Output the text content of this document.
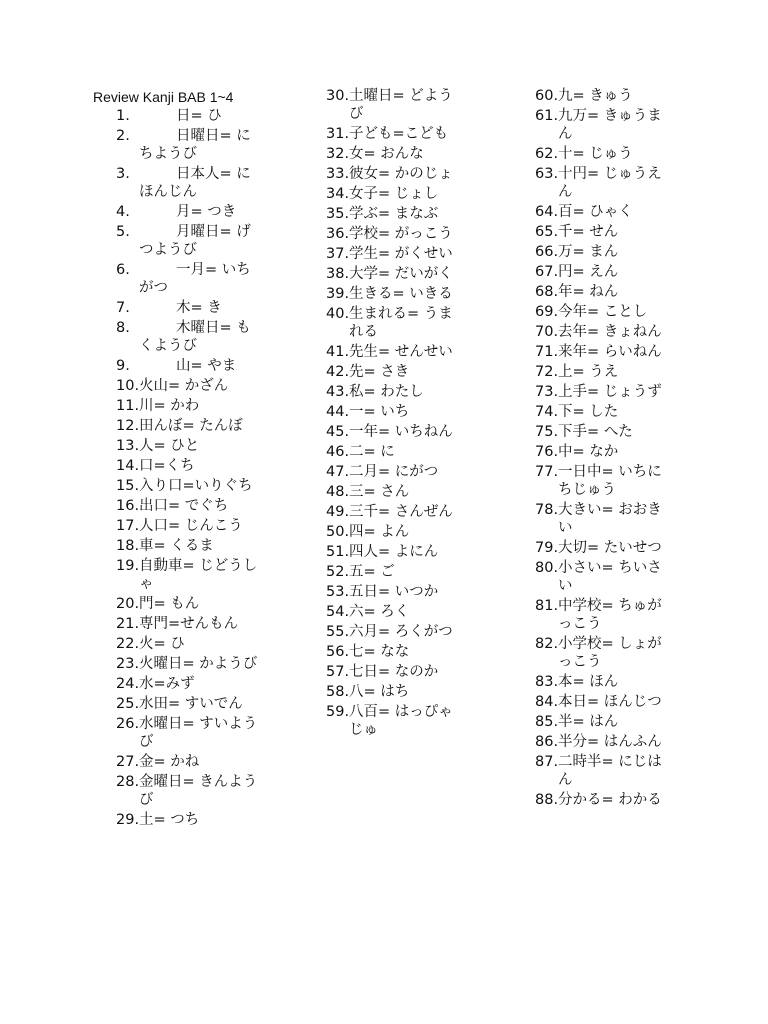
Review Kanji BAB 1~4
1.	日= ひ
2.	日曜日= にちようび
3.	日本人= にほんじん
4.	月= つき
5.	月曜日= げつようび
6.	一月= いちがつ
7.	木= き
8.	木曜日= もくようび
9.	山= やま
10. 火山= かざん
11. 川= かわ
12. 田んぼ= たんぼ
13. 人= ひと
14. 口=くち
15. 入り口=いりぐち
16. 出口= でぐち
17. 人口= じんこう
18. 車= くるま
19. 自動車= じどうしゃ
20. 門= もん
21. 専門=せんもん
22. 火= ひ
23. 火曜日= かようび
24. 水=みず
25. 水田= すいでん
26. 水曜日= すいようび
27. 金= かね
28. 金曜日= きんようび
29. 土= つち
30. 土曜日= どようび
31. 子ども=こども
32. 女= おんな
33. 彼女= かのじょ
34. 女子= じょし
35. 学ぶ= まなぶ
36. 学校= がっこう
37. 学生= がくせい
38. 大学= だいがく
39. 生きる= いきる
40. 生まれる= うまれる
41. 先生= せんせい
42. 先= さき
43. 私= わたし
44. 一= いち
45. 一年= いちねん
46. 二= に
47. 二月= にがつ
48. 三= さん
49. 三千= さんぜん
50. 四= よん
51. 四人= よにん
52. 五= ご
53. 五日= いつか
54. 六= ろく
55. 六月= ろくがつ
56. 七= なな
57. 七日= なのか
58. 八= はち
59. 八百= はっぴゃじゅ
60. 九= きゅう
61. 九万= きゅうまん
62. 十= じゅう
63. 十円= じゅうえん
64. 百= ひゃく
65. 千= せん
66. 万= まん
67. 円= えん
68. 年= ねん
69. 今年= ことし
70. 去年= きょねん
71. 来年= らいねん
72. 上= うえ
73. 上手= じょうず
74. 下= した
75. 下手= へた
76. 中= なか
77. 一日中= いちにちじゅう
78. 大きい= おおきい
79. 大切= たいせつ
80. 小さい= ちいさい
81. 中学校= ちゅがっこう
82. 小学校= しょがっこう
83. 本= ほん
84. 本日= ほんじつ
85. 半= はん
86. 半分= はんふん
87. 二時半= にじはん
88. 分かる= わかる
